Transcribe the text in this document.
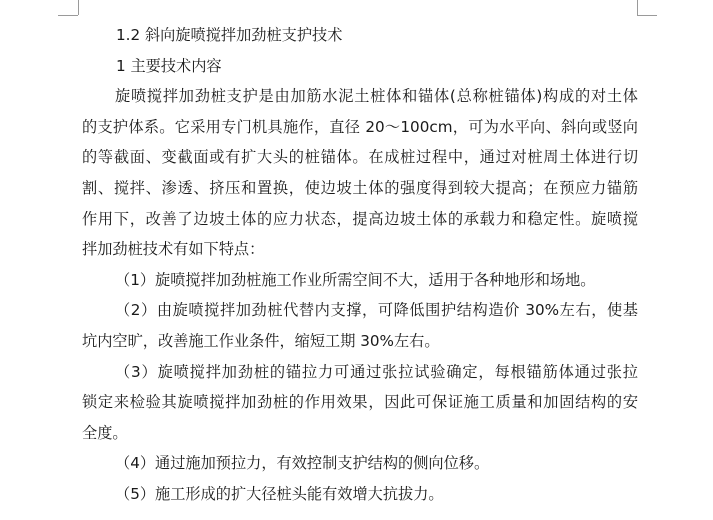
1.2 斜向旋喷搅拌加劲桩支护技术
1 主要技术内容
旋喷搅拌加劲桩支护是由加筋水泥土桩体和锚体(总称桩锚体)构成的对土体
的支护体系。它采用专门机具施作，直径 20～100cm，可为水平向、斜向或竖向
的等截面、变截面或有扩大头的桩锚体。在成桩过程中，通过对桩周土体进行切
割、搅拌、渗透、挤压和置换，使边坡土体的强度得到较大提高；在预应力锚筋
作用下，改善了边坡土体的应力状态，提高边坡土体的承载力和稳定性。旋喷搅
拌加劲桩技术有如下特点：
（1）旋喷搅拌加劲桩施工作业所需空间不大，适用于各种地形和场地。
（2）由旋喷搅拌加劲桩代替内支撑，可降低围护结构造价 30%左右，使基
坑内空旷，改善施工作业条件，缩短工期 30%左右。
（3）旋喷搅拌加劲桩的锚拉力可通过张拉试验确定，每根锚筋体通过张拉
锁定来检验其旋喷搅拌加劲桩的作用效果，因此可保证施工质量和加固结构的安
全度。
（4）通过施加预拉力，有效控制支护结构的侧向位移。
（5）施工形成的扩大径桩头能有效增大抗拔力。
